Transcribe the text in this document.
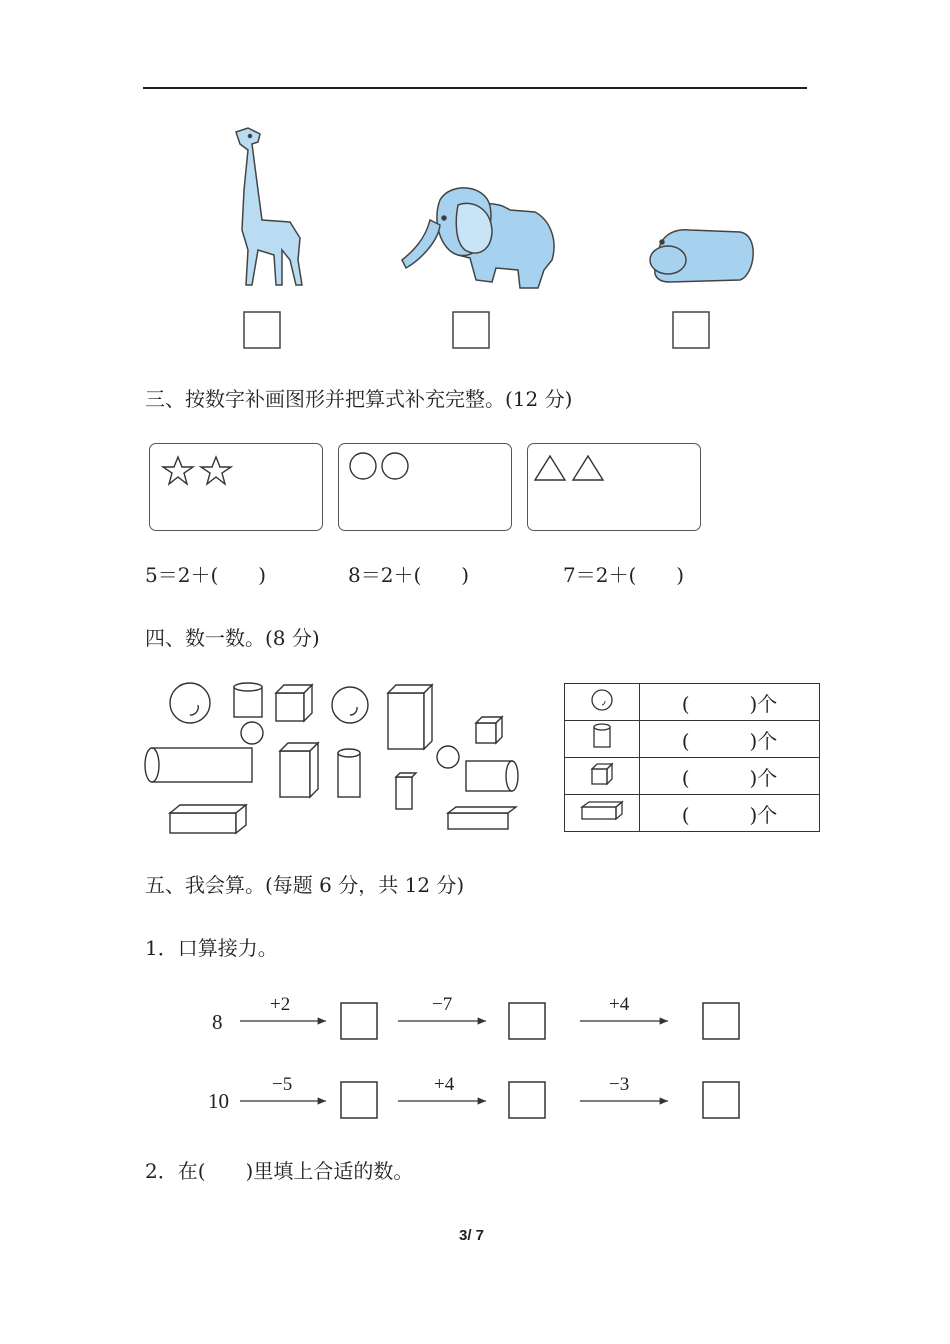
三、按数字补画图形并把算式补充完整。(12 分)
5＝2＋(　　)	8＝2＋(　　)	7＝2＋(　　)
四、数一数。(8 分)
	(　　　)个
	(　　　)个
	(　　　)个
	(　　　)个
五、我会算。(每题 6 分，共 12 分)
1．口算接力。
8
+2	−7	+4
10
−5	+4	−3
2．在(　　)里填上合适的数。
3/ 7
